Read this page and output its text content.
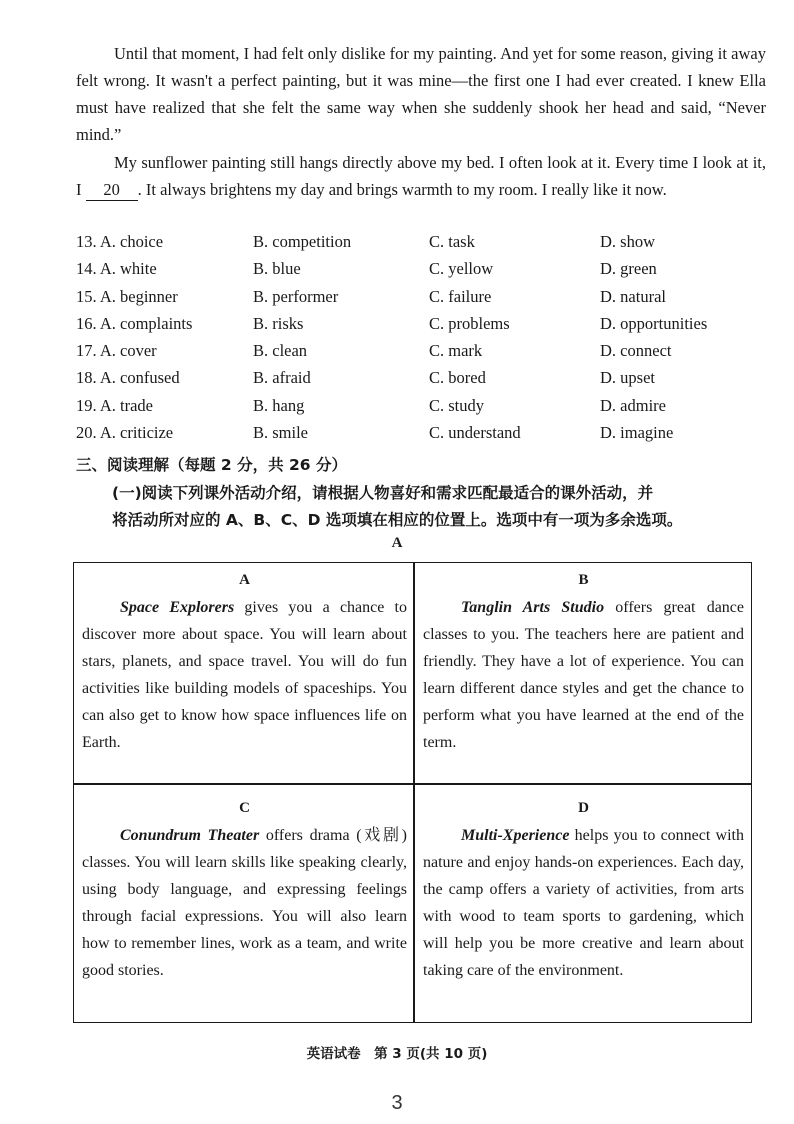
Until that moment, I had felt only dislike for my painting. And yet for some reason, giving it away felt wrong. It wasn't a perfect painting, but it was mine—the first one I had ever created. I knew Ella must have realized that she felt the same way when she suddenly shook her head and said, “Never mind.”

My sunflower painting still hangs directly above my bed. I often look at it. Every time I look at it, I 20 . It always brightens my day and brings warmth to my room. I really like it now.

13. A. choice	B. competition	C. task	D. show
14. A. white	B. blue	C. yellow	D. green
15. A. beginner	B. performer	C. failure	D. natural
16. A. complaints	B. risks	C. problems	D. opportunities
17. A. cover	B. clean	C. mark	D. connect
18. A. confused	B. afraid	C. bored	D. upset
19. A. trade	B. hang	C. study	D. admire
20. A. criticize	B. smile	C. understand	D. imagine
三、阅读理解（每题 2 分，共 26 分）
(一)阅读下列课外活动介绍，请根据人物喜好和需求匹配最适合的课外活动，并
将活动所对应的 A、B、C、D 选项填在相应的位置上。选项中有一项为多余选项。
A
A
Space Explorers gives you a chance to discover more about space. You will learn about stars, planets, and space travel. You will do fun activities like building models of spaceships. You can also get to know how space influences life on Earth.
B
Tanglin Arts Studio offers great dance classes to you. The teachers here are patient and friendly. They have a lot of experience. You can learn different dance styles and get the chance to perform what you have learned at the end of the term.
C
Conundrum Theater offers drama (戏剧) classes. You will learn skills like speaking clearly, using body language, and expressing feelings through facial expressions. You will also learn how to remember lines, work as a team, and write good stories.
D
Multi-Xperience helps you to connect with nature and enjoy hands-on experiences. Each day, the camp offers a variety of activities, from arts with wood to team sports to gardening, which will help you be more creative and learn about taking care of the environment.
英语试卷　第 3 页(共 10 页)
3
